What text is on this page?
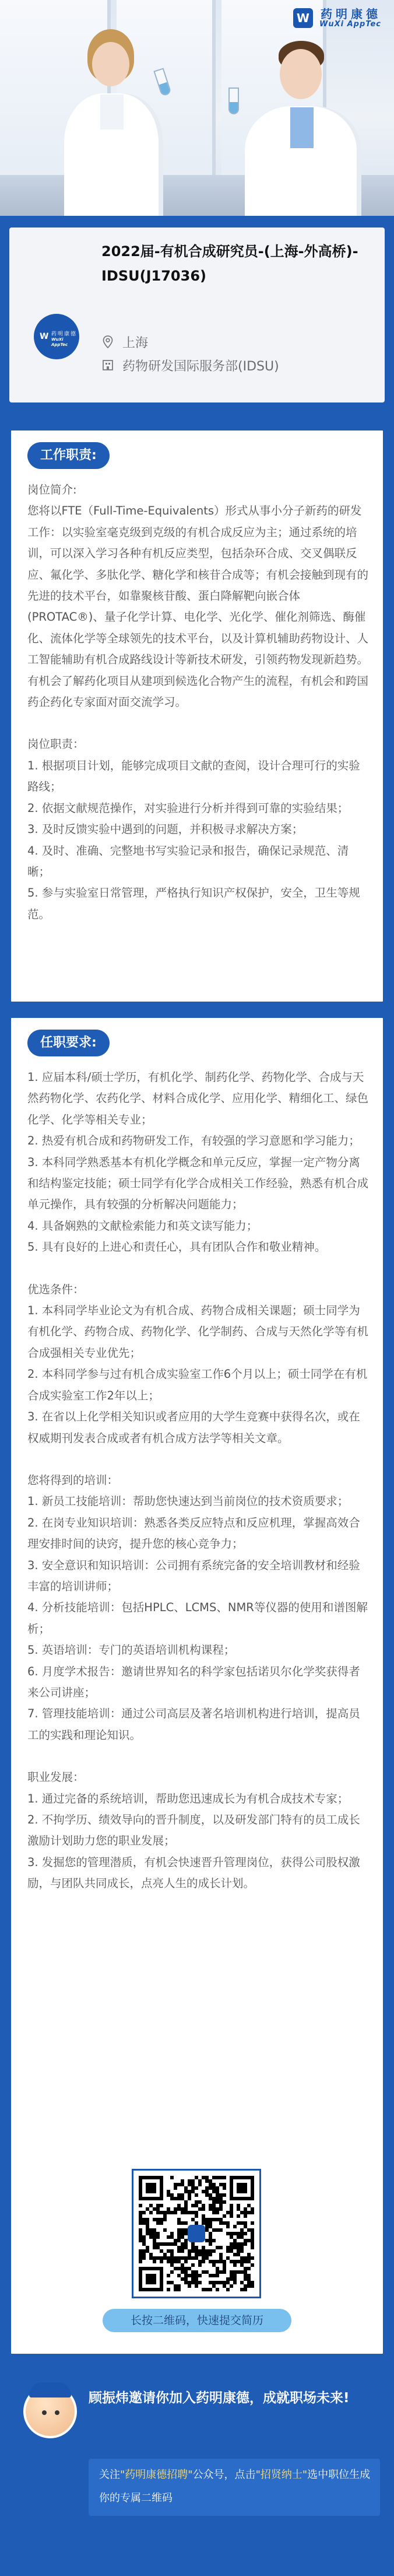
W 药明康德
WuXi AppTec
W 药明康德
WuXi AppTec
2022届-有机合成研究员-(上海-外高桥)-IDSU(J17036)
上海
药物研发国际服务部(IDSU)
工作职责:

岗位简介:

您将以FTE（Full-Time-Equivalents）形式从事小分子新药的研发工作：以实验室毫克级到克级的有机合成反应为主；通过系统的培训，可以深入学习各种有机反应类型，包括杂环合成、交叉偶联反应、氟化学、多肽化学、糖化学和核苷合成等；有机会接触到现有的先进的技术平台，如靠聚核苷酸、蛋白降解靶向嵌合体(PROTAC®)、量子化学计算、电化学、光化学、催化剂筛选、酶催化、流体化学等全球领先的技术平台，以及计算机辅助药物设计、人工智能辅助有机合成路线设计等新技术研发，引领药物发现新趋势。有机会了解药化项目从建项到候选化合物产生的流程，有机会和跨国药企药化专家面对面交流学习。

岗位职责：

1. 根据项目计划，能够完成项目文献的查阅，设计合理可行的实验路线；

2. 依据文献规范操作，对实验进行分析并得到可靠的实验结果；

3. 及时反馈实验中遇到的问题，并积极寻求解决方案；

4. 及时、准确、完整地书写实验记录和报告，确保记录规范、清晰；

5. 参与实验室日常管理，严格执行知识产权保护，安全，卫生等规范。

任职要求:

1. 应届本科/硕士学历，有机化学、制药化学、药物化学、合成与天然药物化学、农药化学、材料合成化学、应用化学、精细化工、绿色化学、化学等相关专业；

2. 热爱有机合成和药物研发工作，有较强的学习意愿和学习能力；

3. 本科同学熟悉基本有机化学概念和单元反应，掌握一定产物分离和结构鉴定技能；硕士同学有化学合成相关工作经验，熟悉有机合成单元操作，具有较强的分析解决问题能力；

4. 具备娴熟的文献检索能力和英文读写能力；

5. 具有良好的上进心和责任心，具有团队合作和敬业精神。

优选条件：

1. 本科同学毕业论文为有机合成、药物合成相关课题；硕士同学为有机化学、药物合成、药物化学、化学制药、合成与天然化学等有机合成强相关专业优先；

2. 本科同学参与过有机合成实验室工作6个月以上；硕士同学在有机合成实验室工作2年以上；

3. 在省以上化学相关知识或者应用的大学生竞赛中获得名次，或在权威期刊发表合成或者有机合成方法学等相关文章。

您将得到的培训：

1. 新员工技能培训：帮助您快速达到当前岗位的技术资质要求；

2. 在岗专业知识培训：熟悉各类反应特点和反应机理，掌握高效合理安排时间的诀窍，提升您的核心竞争力；

3. 安全意识和知识培训：公司拥有系统完备的安全培训教材和经验丰富的培训讲师；

4. 分析技能培训：包括HPLC、LCMS、NMR等仪器的使用和谱图解析；

5. 英语培训：专门的英语培训机构课程；

6. 月度学术报告：邀请世界知名的科学家包括诺贝尔化学奖获得者来公司讲座；

7. 管理技能培训：通过公司高层及著名培训机构进行培训，提高员工的实践和理论知识。

职业发展：

1. 通过完备的系统培训，帮助您迅速成长为有机合成技术专家；

2. 不拘学历、绩效导向的晋升制度，以及研发部门特有的员工成长激励计划助力您的职业发展；

3. 发掘您的管理潜质，有机会快速晋升管理岗位，获得公司股权激励，与团队共同成长，点亮人生的成长计划。

长按二维码，快速提交简历
顾振炜邀请你加入药明康德，成就职场未来!
关注"药明康德招聘"公众号，点击"招贤纳士"选中职位生成你的专属二维码
